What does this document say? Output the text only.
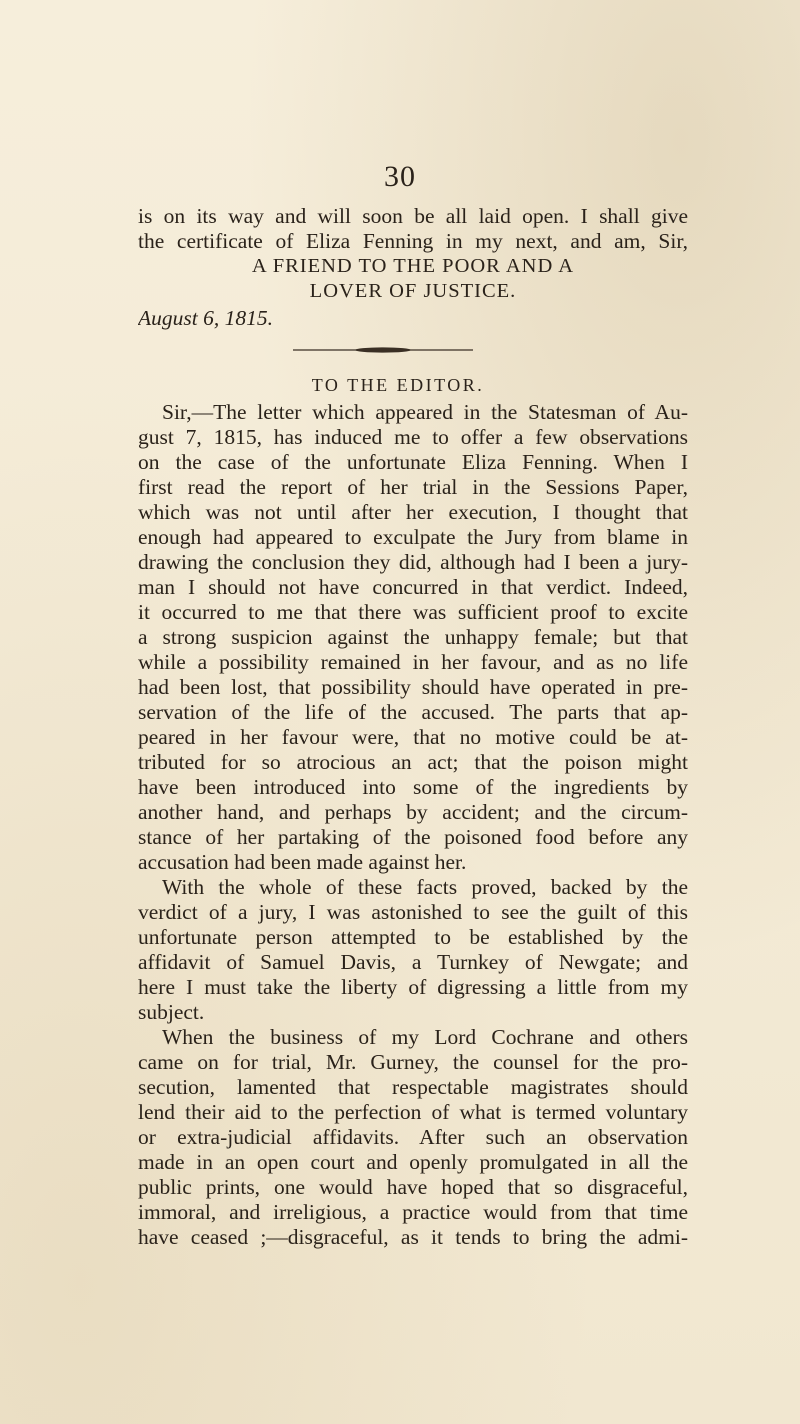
30
is on its way and will soon be all laid open. I shall give
the certificate of Eliza Fenning in my next, and am, Sir,
A FRIEND TO THE POOR AND A
LOVER OF JUSTICE.
August 6, 1815.
TO THE EDITOR.
Sir,—The letter which appeared in the Statesman of Au-
gust 7, 1815, has induced me to offer a few observations
on the case of the unfortunate Eliza Fenning. When I
first read the report of her trial in the Sessions Paper,
which was not until after her execution, I thought that
enough had appeared to exculpate the Jury from blame in
drawing the conclusion they did, although had I been a jury-
man I should not have concurred in that verdict. Indeed,
it occurred to me that there was sufficient proof to excite
a strong suspicion against the unhappy female; but that
while a possibility remained in her favour, and as no life
had been lost, that possibility should have operated in pre-
servation of the life of the accused. The parts that ap-
peared in her favour were, that no motive could be at-
tributed for so atrocious an act; that the poison might
have been introduced into some of the ingredients by
another hand, and perhaps by accident; and the circum-
stance of her partaking of the poisoned food before any
accusation had been made against her.
With the whole of these facts proved, backed by the
verdict of a jury, I was astonished to see the guilt of this
unfortunate person attempted to be established by the
affidavit of Samuel Davis, a Turnkey of Newgate; and
here I must take the liberty of digressing a little from my
subject.
When the business of my Lord Cochrane and others
came on for trial, Mr. Gurney, the counsel for the pro-
secution, lamented that respectable magistrates should
lend their aid to the perfection of what is termed voluntary
or extra-judicial affidavits. After such an observation
made in an open court and openly promulgated in all the
public prints, one would have hoped that so disgraceful,
immoral, and irreligious, a practice would from that time
have ceased ;—disgraceful, as it tends to bring the admi-
